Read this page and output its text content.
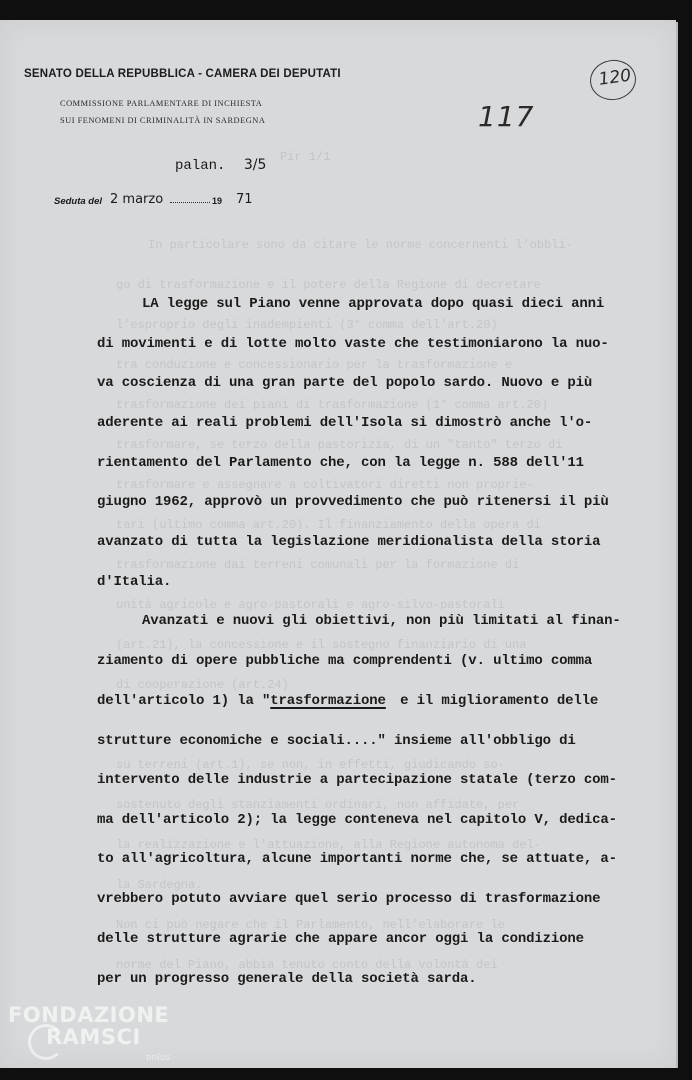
Pir 1/1
In particolare sono da citare le norme concernenti l'obbli-
go di trasformazione e il potere della Regione di decretare
l'esproprio degli inadempienti (3° comma dell'art.20)
tra conduzione e concessionario per la trasformazione e
trasformazione dei piani di trasformazione (1° comma art.20)
trasformare, se terzo della pastorizia, di un "tanto" terzo di
trasformare e assegnare a coltivatori diretti non proprie-
tari (ultimo comma art.20). Il finanziamento della opera di
trasformazione dai terreni comunali per la formazione di
unità agricole e agro-pastorali e agro-silvo-pastorali
(art.21), la concessione e il sostegno finanziario di una
di cooperazione (art.24)
su terreni (art.1), se non, in effetti, giudicando so-
sostenuto degli stanziamenti ordinari, non affidate, per
la realizzazione e l'attuazione, alla Regione autonoma del-
la Sardegna.
Non ci può negare che il Parlamento, nell'elaborare le
norme del Piano, abbia tenuto conto della volontà dei
SENATO DELLA REPUBBLICA - CAMERA DEI DEPUTATI
COMMISSIONE PARLAMENTARE DI INCHIESTA
SUI FENOMENI DI CRIMINALITÀ IN SARDEGNA	117
120
palan. 3/5
Seduta del 2 marzo	19 71
LA legge sul Piano venne approvata dopo quasi dieci anni
di movimenti e di lotte molto vaste che testimoniarono la nuo-
va coscienza di una gran parte del popolo sardo. Nuovo e più
aderente ai reali problemi dell'Isola si dimostrò anche l'o-
rientamento del Parlamento che, con la legge n. 588 dell'11
giugno 1962, approvò un provvedimento che può ritenersi il più
avanzato di tutta la legislazione meridionalista della storia
d'Italia.
Avanzati e nuovi gli obiettivi, non più limitati al finan-
ziamento di opere pubbliche ma comprendenti (v. ultimo comma
dell'articolo 1) la "trasformazione e il miglioramento delle
strutture economiche e sociali...." insieme all'obbligo di
intervento delle industrie a partecipazione statale (terzo com-
ma dell'articolo 2); la legge conteneva nel capitolo V, dedica-
to all'agricoltura, alcune importanti norme che, se attuate, a-
vrebbero potuto avviare quel serio processo di trasformazione
delle strutture agrarie che appare ancor oggi la condizione
per un progresso generale della società sarda.
FONDAZIONE
RAMSCI
onlus
